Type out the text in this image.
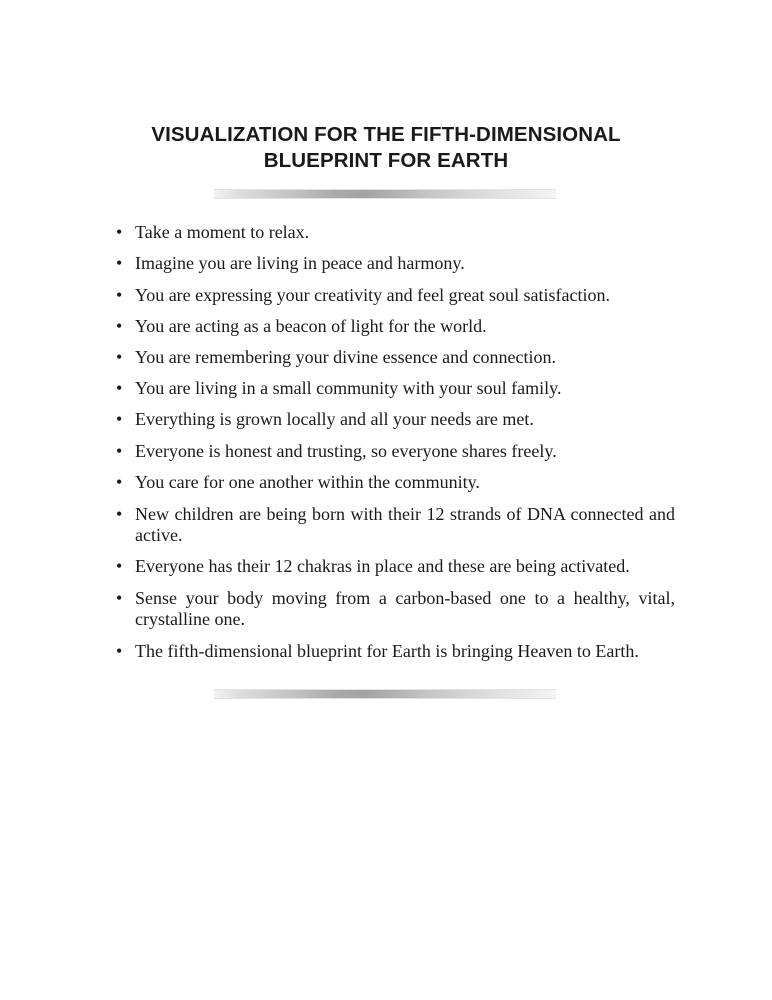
VISUALIZATION FOR THE FIFTH-DIMENSIONAL
BLUEPRINT FOR EARTH
• Take a moment to relax.
• Imagine you are living in peace and harmony.
• You are expressing your creativity and feel great soul satisfaction.
• You are acting as a beacon of light for the world.
• You are remembering your divine essence and connection.
• You are living in a small community with your soul family.
• Everything is grown locally and all your needs are met.
• Everyone is honest and trusting, so everyone shares freely.
• You care for one another within the community.
• New children are being born with their 12 strands of DNA connected and active.
• Everyone has their 12 chakras in place and these are being activated.
• Sense your body moving from a carbon-based one to a healthy, vital, crystalline one.
• The fifth-dimensional blueprint for Earth is bringing Heaven to Earth.
